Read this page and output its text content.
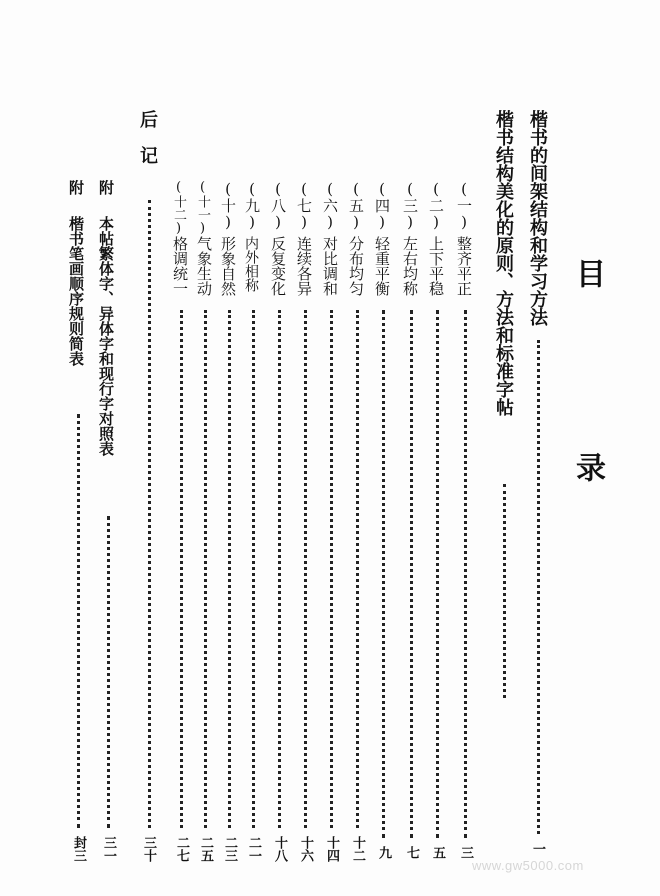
目
录
楷书的间架结构和学习方法
一
楷书结构美化的原则、方法和标准字帖
(一)
整齐平正
三
(二)
上下平稳
五
(三)
左右均称
七
(四)
轻重平衡
九
(五)
分布均匀
十二
(六)
对比调和
十四
(七)
连续各异
十六
(八)
反复变化
十八
(九)
内外相称
二一
(十)
形象自然
二三
(十一)
气象生动
二五
(十二)
格调统一
二七
后　记
三十
附
本帖繁体字、异体字和现行字对照表
三一
附
楷书笔画顺序规则简表
封三
www.gw5000.com
